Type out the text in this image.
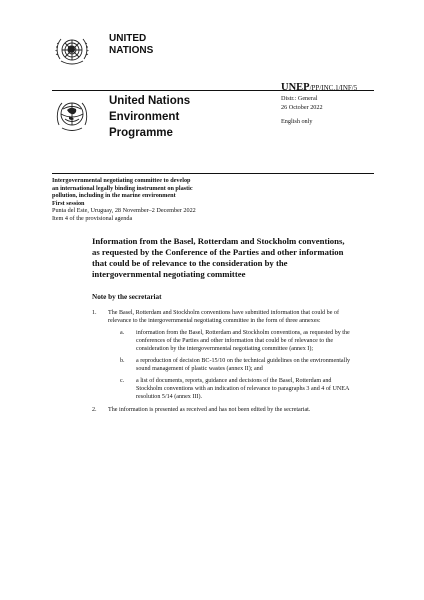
UNITED
NATIONS
UNEP/PP/INC.1/INF/5
United Nations
Environment
Programme
Distr.: General
26 October 2022
English only
Intergovernmental negotiating committee to develop
an international legally binding instrument on plastic
pollution, including in the marine environment
First session
Punta del Este, Uruguay, 28 November–2 December 2022
Item 4 of the provisional agenda
Information from the Basel, Rotterdam and Stockholm conventions,
as requested by the Conference of the Parties and other information
that could be of relevance to the consideration by the
intergovernmental negotiating committee
Note by the secretariat
1. The Basel, Rotterdam and Stockholm conventions have submitted information that could be of
relevance to the intergovernmental negotiating committee in the form of three annexes:
a. information from the Basel, Rotterdam and Stockholm conventions, as requested by the
conferences of the Parties and other information that could be of relevance to the
consideration by the intergovernmental negotiating committee (annex I);
b. a reproduction of decision BC-15/10 on the technical guidelines on the environmentally
sound management of plastic wastes (annex II); and
c. a list of documents, reports, guidance and decisions of the Basel, Rotterdam and
Stockholm conventions with an indication of relevance to paragraphs 3 and 4 of UNEA
resolution 5/14 (annex III).
2. The information is presented as received and has not been edited by the secretariat.
